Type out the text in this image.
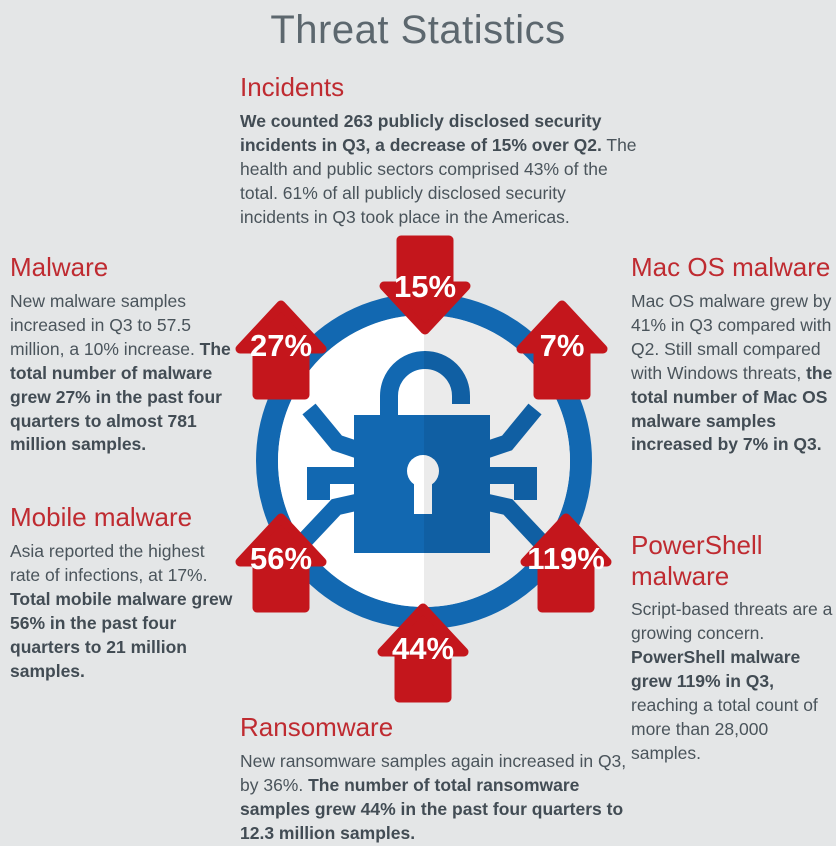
Threat Statistics
Incidents

We counted 263 publicly disclosed security incidents in Q3, a decrease of 15% over Q2. The health and public sectors comprised 43% of the total. 61% of all publicly disclosed security incidents in Q3 took place in the Americas.

Malware

New malware samples increased in Q3 to 57.5 million, a 10% increase. The total number of malware grew 27% in the past four quarters to almost 781 million samples.

Mac OS malware

Mac OS malware grew by 41% in Q3 compared with Q2. Still small compared with Windows threats, the total number of Mac OS malware samples increased by 7% in Q3.

Mobile malware

Asia reported the highest rate of infections, at 17%. Total mobile malware grew 56% in the past four quarters to 21 million samples.

PowerShell malware

Script-based threats are a growing concern. PowerShell malware grew 119% in Q3, reaching a total count of more than 28,000 samples.

Ransomware

New ransomware samples again increased in Q3, by 36%. The number of total ransomware samples grew 44% in the past four quarters to 12.3 million samples.

15%
27%	7%
56%	119%
44%
